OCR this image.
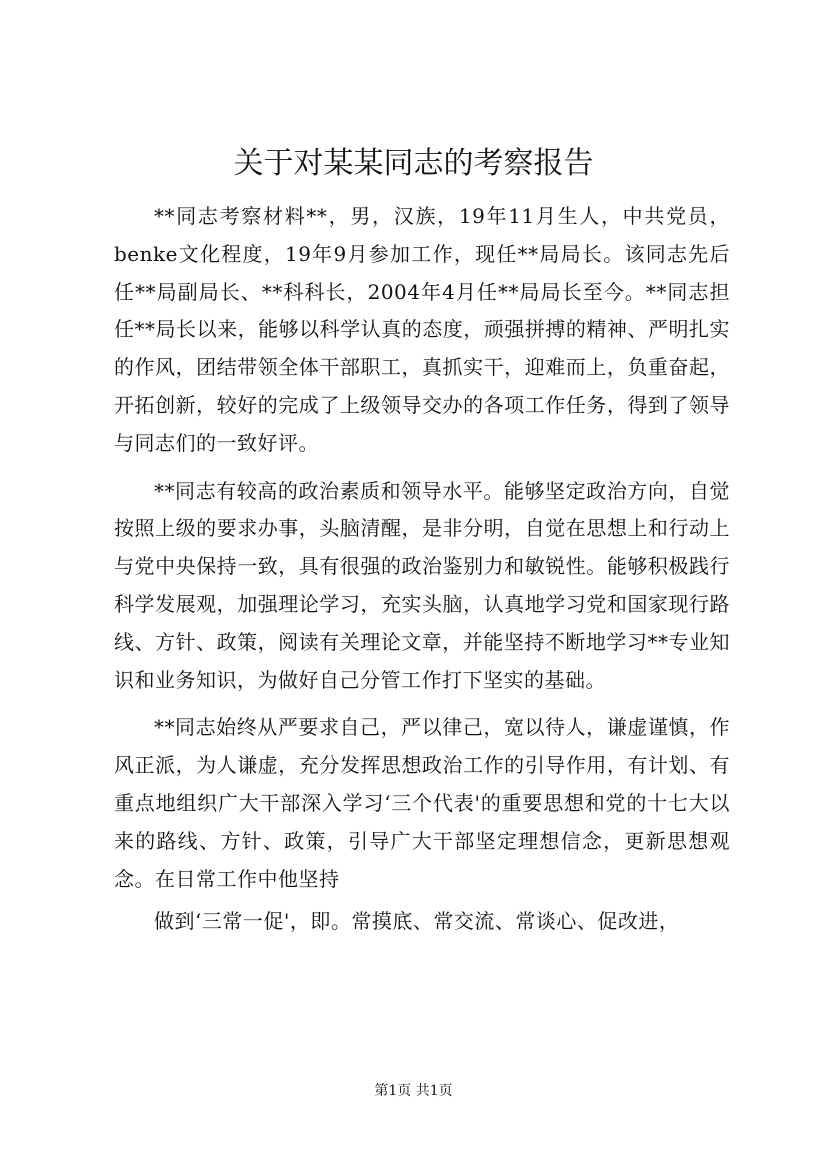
关于对某某同志的考察报告

**同志考察材料**，男，汉族，19年11月生人，中共党员，benke文化程度，19年9月参加工作，现任**局局长。该同志先后任**局副局长、**科科长，2004年4月任**局局长至今。**同志担任**局长以来，能够以科学认真的态度，顽强拼搏的精神、严明扎实的作风，团结带领全体干部职工，真抓实干，迎难而上，负重奋起，开拓创新，较好的完成了上级领导交办的各项工作任务，得到了领导与同志们的一致好评。

**同志有较高的政治素质和领导水平。能够坚定政治方向，自觉按照上级的要求办事，头脑清醒，是非分明，自觉在思想上和行动上与党中央保持一致，具有很强的政治鉴别力和敏锐性。能够积极践行科学发展观，加强理论学习，充实头脑，认真地学习党和国家现行路线、方针、政策，阅读有关理论文章，并能坚持不断地学习**专业知识和业务知识，为做好自己分管工作打下坚实的基础。

**同志始终从严要求自己，严以律己，宽以待人，谦虚谨慎，作风正派，为人谦虚，充分发挥思想政治工作的引导作用，有计划、有重点地组织广大干部深入学习‘三个代表'的重要思想和党的十七大以来的路线、方针、政策，引导广大干部坚定理想信念，更新思想观念。在日常工作中他坚持

做到‘三常一促'，即。常摸底、常交流、常谈心、促改进，

第1页 共1页
